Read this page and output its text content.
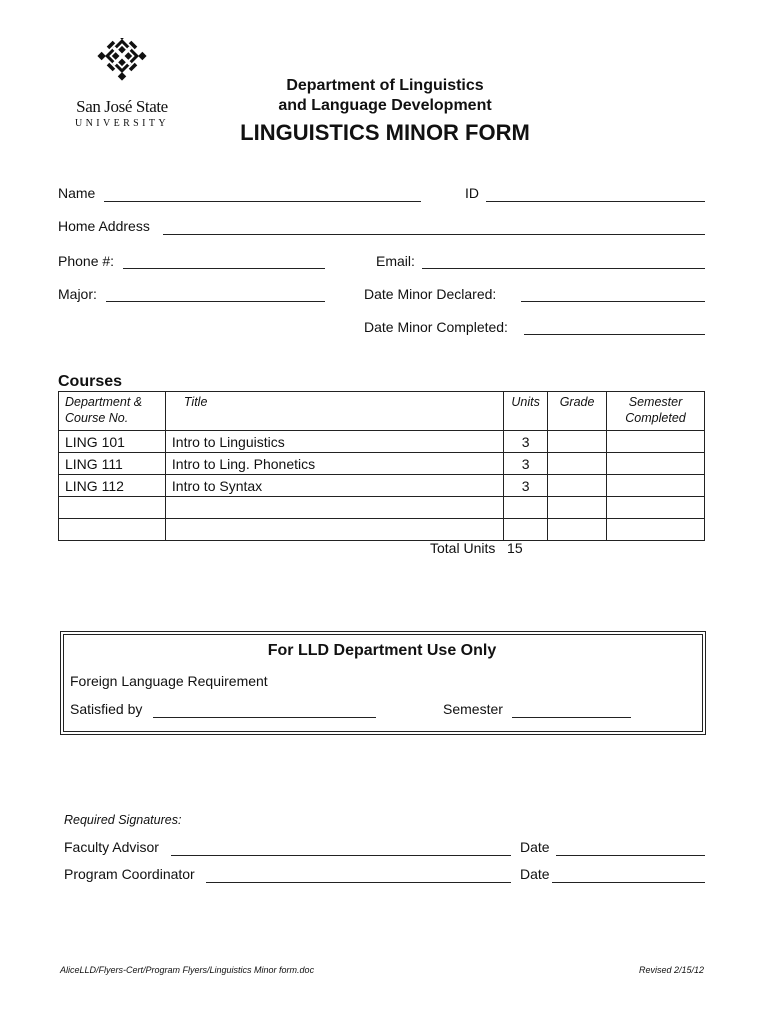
San José State
UNIVERSITY
Department of Linguistics
and Language Development
LINGUISTICS MINOR FORM
Name	ID
Home Address
Phone #:	Email:
Major:	Date Minor Declared:
Date Minor Completed:
Courses
Department &
Course No.	Title	Units	Grade	Semester
Completed
LING 101	Intro to Linguistics	3		
LING 111	Intro to Ling. Phonetics	3		
LING 112	Intro to Syntax	3		

Total Units 15
For LLD Department Use Only
Foreign Language Requirement
Satisfied by	Semester
Required Signatures:
Faculty Advisor	Date
Program Coordinator	Date
AliceLLD/Flyers-Cert/Program Flyers/Linguistics Minor form.doc	Revised 2/15/12
